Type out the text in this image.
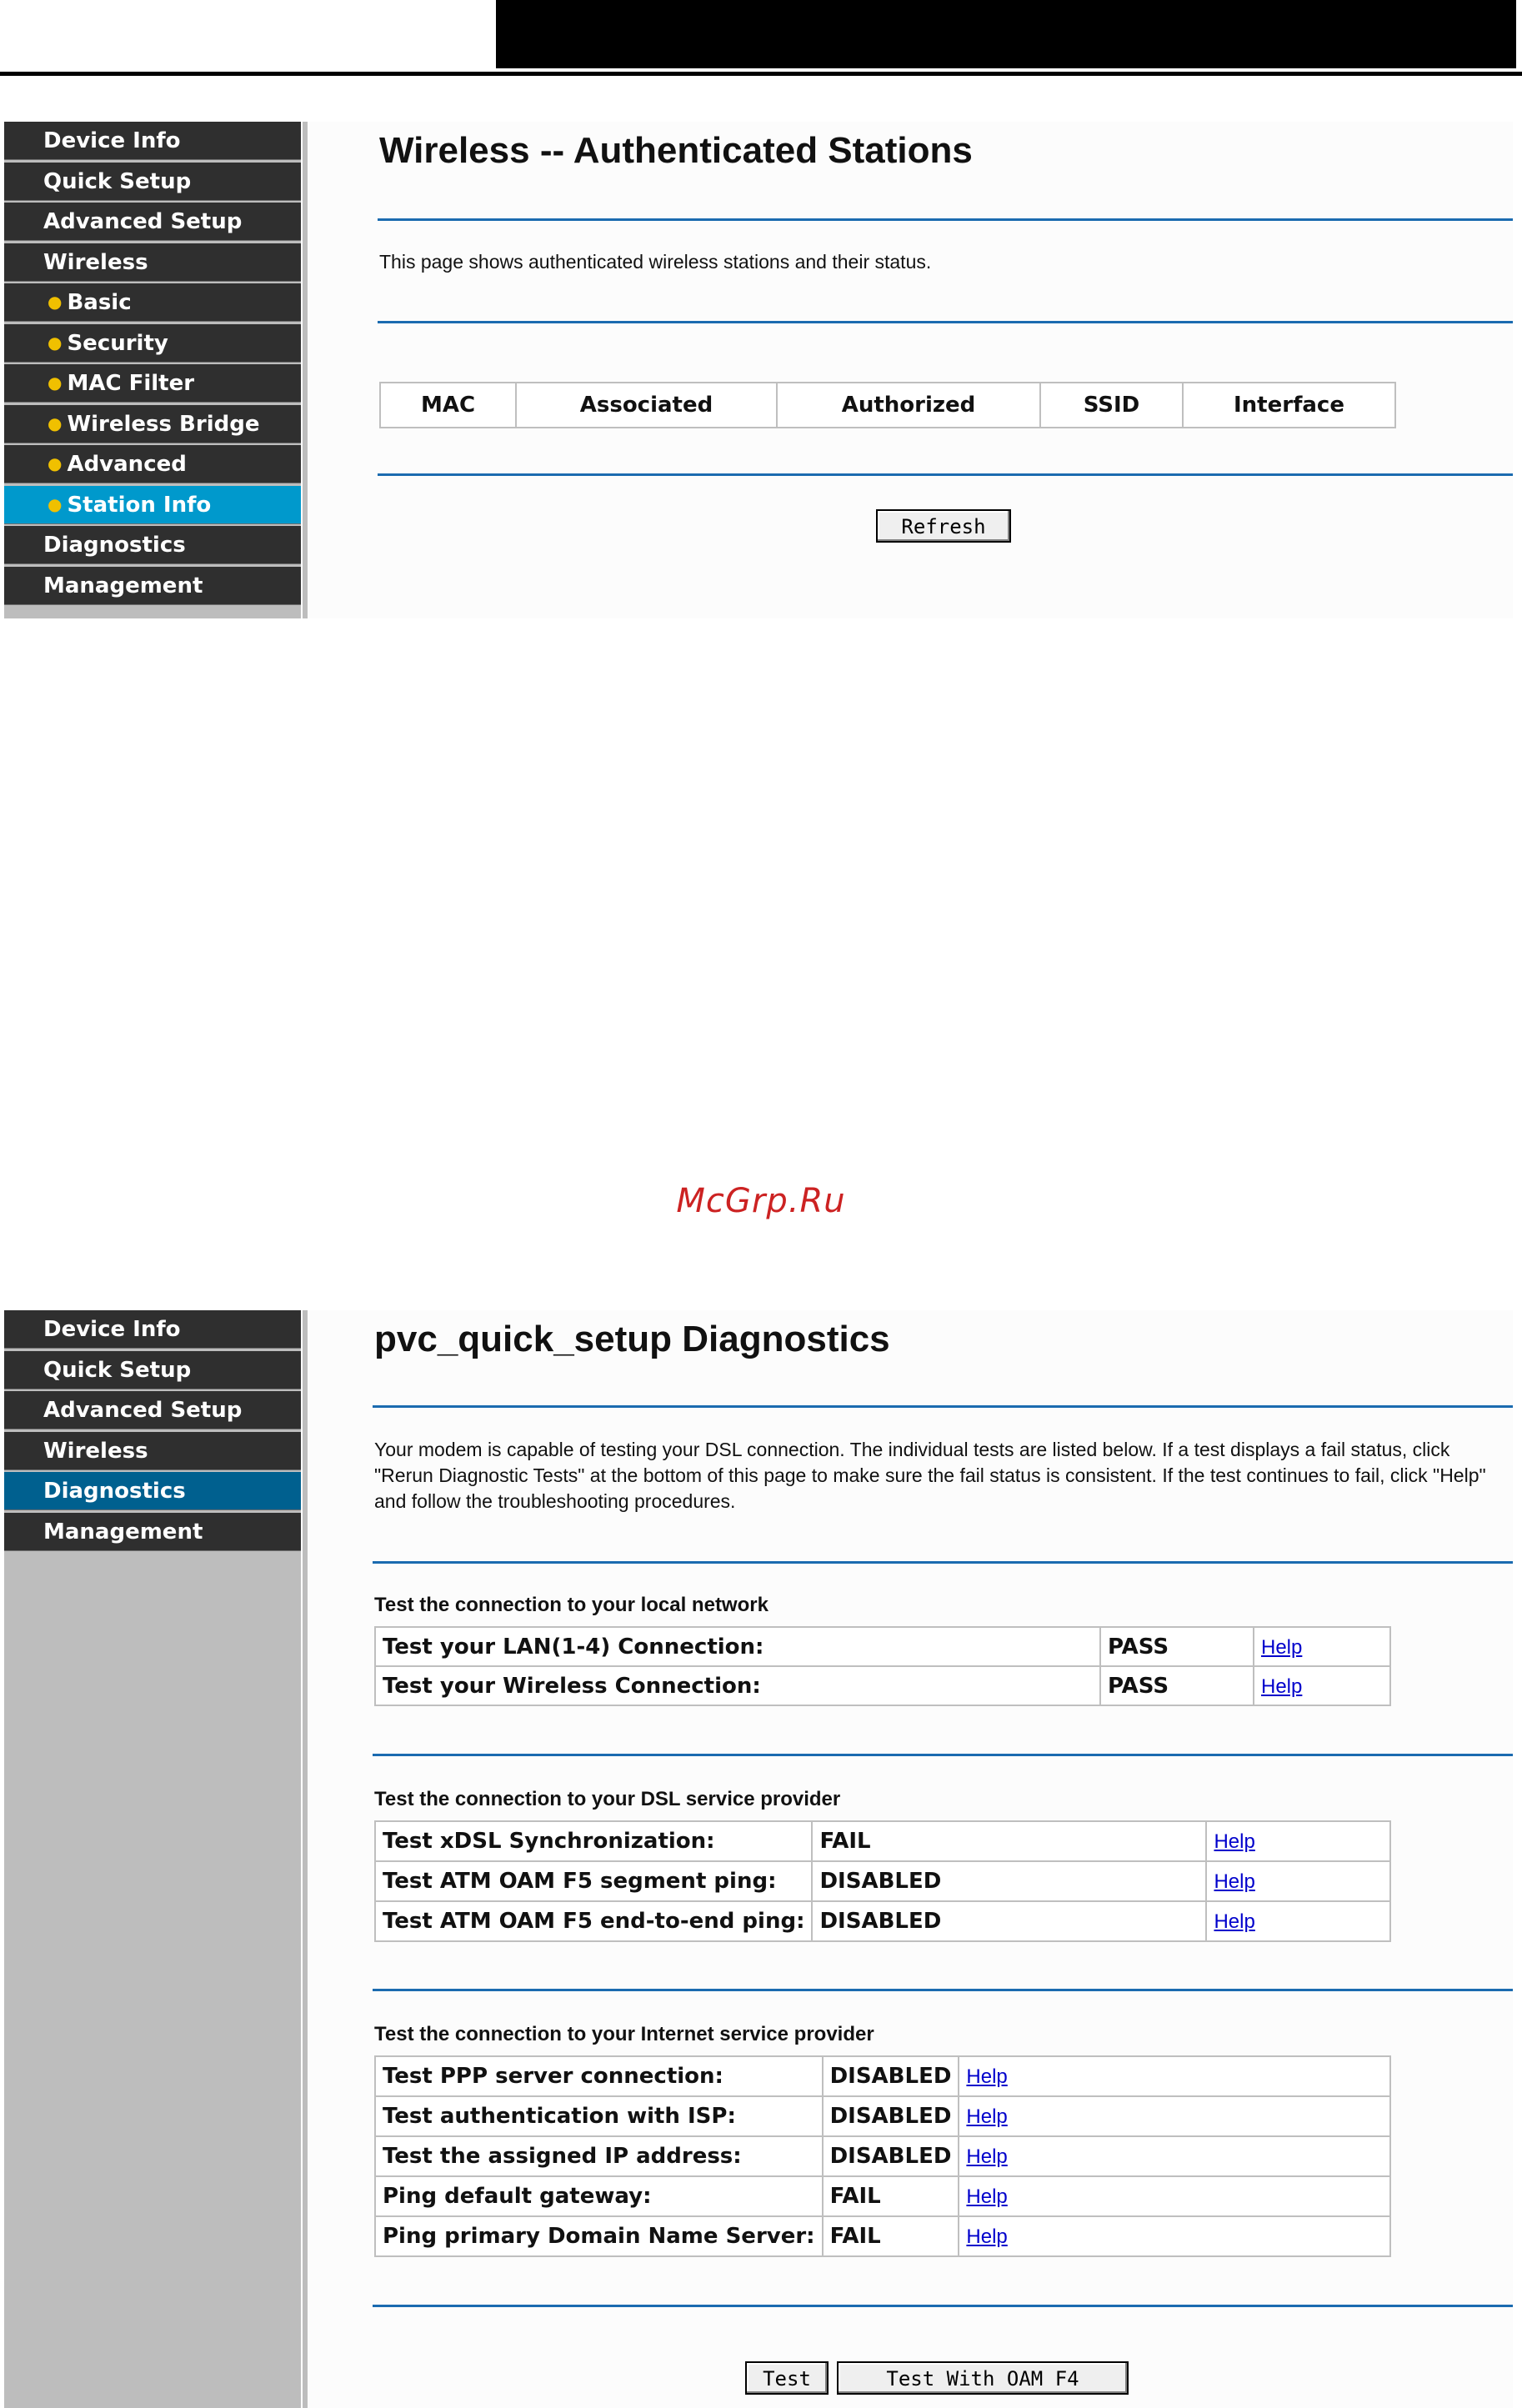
Device Info
Quick Setup
Advanced Setup
Wireless
● Basic
● Security
● MAC Filter
● Wireless Bridge
● Advanced
● Station Info
Diagnostics
Management
Wireless -- Authenticated Stations
This page shows authenticated wireless stations and their status.
MAC	Associated	Authorized	SSID	Interface
Refresh
McGrp.Ru
Device Info
Quick Setup
Advanced Setup
Wireless
Diagnostics
Management
pvc_quick_setup Diagnostics
Your modem is capable of testing your DSL connection. The individual tests are listed below. If a test displays a fail status, click "Rerun Diagnostic Tests" at the bottom of this page to make sure the fail status is consistent. If the test continues to fail, click "Help" and follow the troubleshooting procedures.
Test the connection to your local network
Test your LAN(1-4) Connection:	PASS	Help
Test your Wireless Connection:	PASS	Help
Test the connection to your DSL service provider
Test xDSL Synchronization:	FAIL	Help
Test ATM OAM F5 segment ping:	DISABLED	Help
Test ATM OAM F5 end-to-end ping:	DISABLED	Help
Test the connection to your Internet service provider
Test PPP server connection:	DISABLED	Help
Test authentication with ISP:	DISABLED	Help
Test the assigned IP address:	DISABLED	Help
Ping default gateway:	FAIL	Help
Ping primary Domain Name Server:	FAIL	Help
Test	Test With OAM F4
